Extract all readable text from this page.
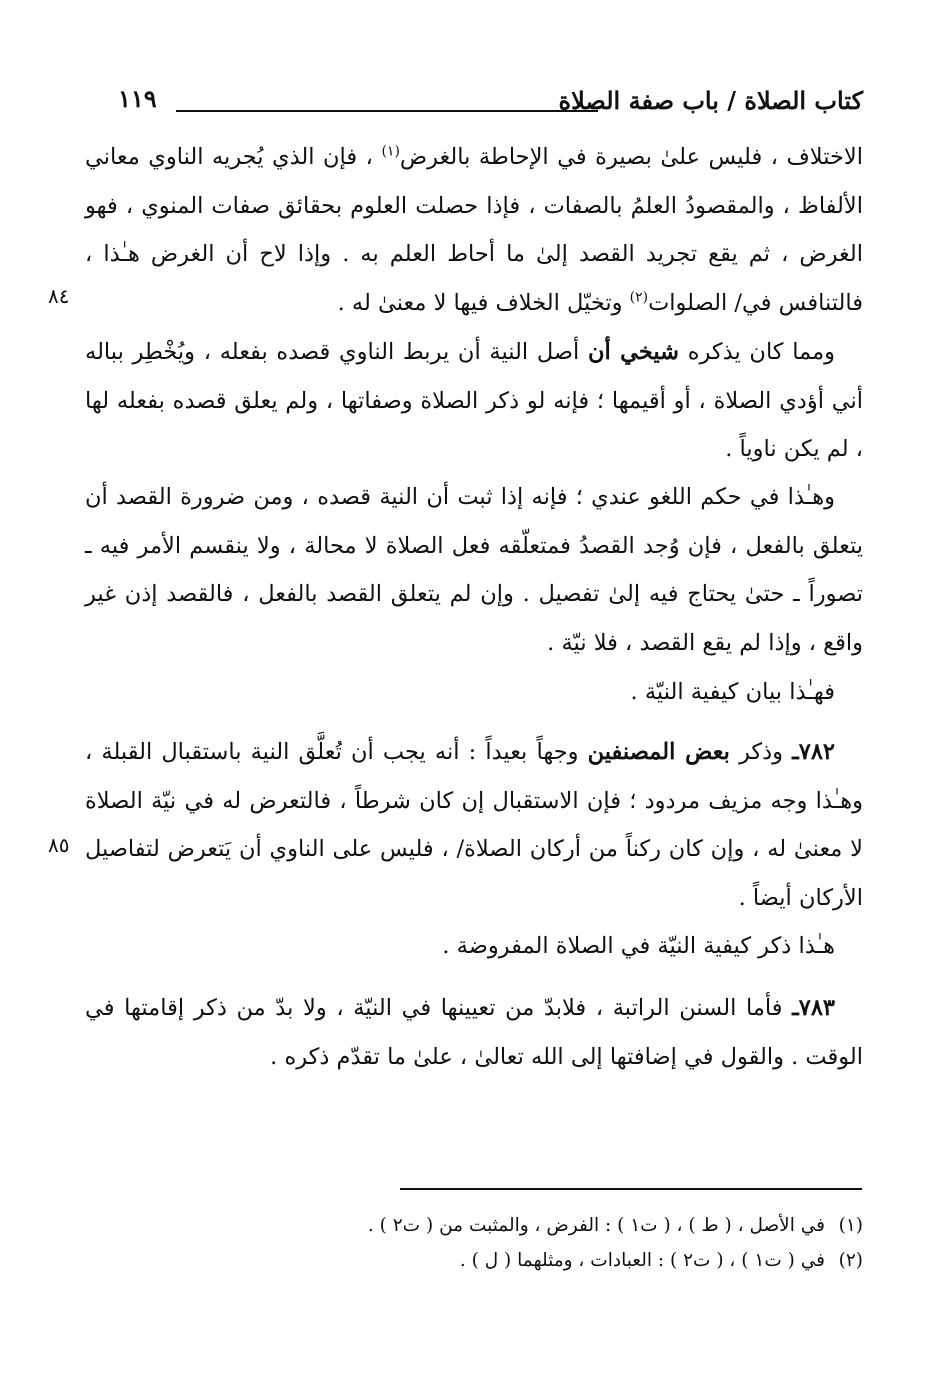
كتاب الصلاة / باب صفة الصلاة
١١٩
الاختلاف ، فليس علىٰ بصيرة في الإحاطة بالغرض$^{(١)}$ ، فإن الذي يُجريه الناوي معاني الألفاظ ، والمقصودُ العلمُ بالصفات ، فإذا حصلت العلوم بحقائق صفات المنوي ، فهو الغرض ، ثم يقع تجريد القصد إلىٰ ما أحاط العلم به . وإذا لاح أن الغرض هـٰذا ، فالتنافس في/ الصلوات$^{(٢)}$ وتخيّل الخلاف فيها لا معنىٰ له .
ومما كان يذكره شيخي أن أصل النية أن يربط الناوي قصده بفعله ، ويُخْطِر بباله أني أؤدي الصلاة ، أو أقيمها ؛ فإنه لو ذكر الصلاة وصفاتها ، ولم يعلق قصده بفعله لها ، لم يكن ناوياً .
وهـٰذا في حكم اللغو عندي ؛ فإنه إذا ثبت أن النية قصده ، ومن ضرورة القصد أن يتعلق بالفعل ، فإن وُجد القصدُ فمتعلّقه فعل الصلاة لا محالة ، ولا ينقسم الأمر فيه ـ تصوراً ـ حتىٰ يحتاج فيه إلىٰ تفصيل . وإن لم يتعلق القصد بالفعل ، فالقصد إذن غير واقع ، وإذا لم يقع القصد ، فلا نيّة .
فهـٰذا بيان كيفية النيّة .
٧٨٢ـ وذكر بعض المصنفين وجهاً بعيداً : أنه يجب أن تُعلَّق النية باستقبال القبلة ، وهـٰذا وجه مزيف مردود ؛ فإن الاستقبال إن كان شرطاً ، فالتعرض له في نيّة الصلاة لا معنىٰ له ، وإن كان ركناً من أركان الصلاة/ ، فليس على الناوي أن يَتعرض لتفاصيل الأركان أيضاً .
هـٰذا ذكر كيفية النيّة في الصلاة المفروضة .
٧٨٣ـ فأما السنن الراتبة ، فلابدّ من تعيينها في النيّة ، ولا بدّ من ذكر إقامتها في الوقت . والقول في إضافتها إلى الله تعالىٰ ، علىٰ ما تقدّم ذكره .
٨٤
٨٥
(١)في الأصل ، ( ط ) ، ( ت١ ) : الفرض ، والمثبت من ( ت٢ ) .
(٢)في ( ت١ ) ، ( ت٢ ) : العبادات ، ومثلهما ( ل ) .
